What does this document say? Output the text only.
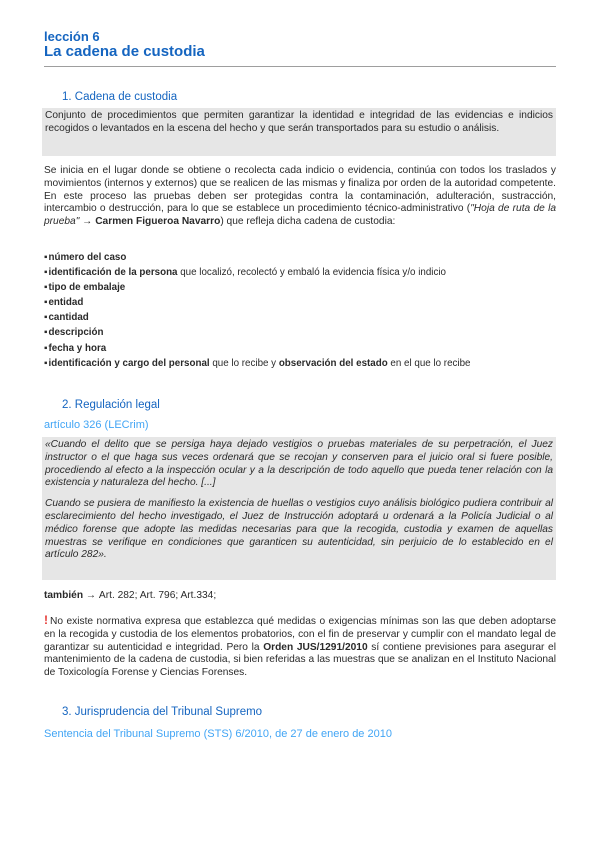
lección 6
La cadena de custodia
1. Cadena de custodia

Conjunto de procedimientos que permiten garantizar la identidad e integridad de las evidencias e indicios recogidos o levantados en la escena del hecho y que serán transportados para su estudio o análisis.

Se inicia en el lugar donde se obtiene o recolecta cada indicio o evidencia, continúa con todos los traslados y movimientos (internos y externos) que se realicen de las mismas y finaliza por orden de la autoridad competente. En este proceso las pruebas deben ser protegidas contra la contaminación, adulteración, sustracción, intercambio o destrucción, para lo que se establece un procedimiento técnico-administrativo ("Hoja de ruta de la prueba" → Carmen Figueroa Navarro) que refleja dicha cadena de custodia:

▪número del caso
▪identificación de la persona que localizó, recolectó y embaló la evidencia física y/o indicio
▪tipo de embalaje
▪entidad
▪cantidad
▪descripción
▪fecha y hora
▪identificación y cargo del personal que lo recibe y observación del estado en el que lo recibe
2. Regulación legal
artículo 326 (LECrim)

«Cuando el delito que se persiga haya dejado vestigios o pruebas materiales de su perpetración, el Juez instructor o el que haga sus veces ordenará que se recojan y conserven para el juicio oral si fuere posible, procediendo al efecto a la inspección ocular y a la descripción de todo aquello que pueda tener relación con la existencia y naturaleza del hecho. [...]

Cuando se pusiera de manifiesto la existencia de huellas o vestigios cuyo análisis biológico pudiera contribuir al esclarecimiento del hecho investigado, el Juez de Instrucción adoptará u ordenará a la Policía Judicial o al médico forense que adopte las medidas necesarias para que la recogida, custodia y examen de aquellas muestras se verifique en condiciones que garanticen su autenticidad, sin perjuicio de lo establecido en el artículo 282».

también → Art. 282; Art. 796; Art.334;

! No existe normativa expresa que establezca qué medidas o exigencias mínimas son las que deben adoptarse en la recogida y custodia de los elementos probatorios, con el fin de preservar y cumplir con el mandato legal de garantizar su autenticidad e integridad. Pero la Orden JUS/1291/2010 sí contiene previsiones para asegurar el mantenimiento de la cadena de custodia, si bien referidas a las muestras que se analizan en el Instituto Nacional de Toxicología Forense y Ciencias Forenses.

3. Jurisprudencia del Tribunal Supremo
Sentencia del Tribunal Supremo (STS) 6/2010, de 27 de enero de 2010
